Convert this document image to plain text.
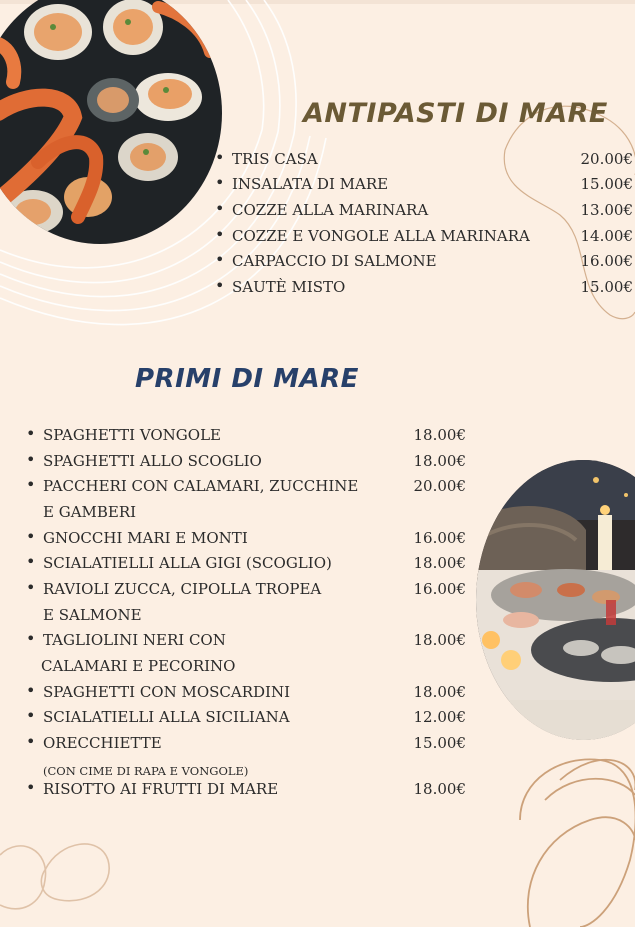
ANTIPASTI DI MARE
• TRIS CASA	20.00€
• INSALATA DI MARE	15.00€
• COZZE ALLA MARINARA	13.00€
• COZZE E VONGOLE ALLA MARINARA	14.00€
• CARPACCIO DI SALMONE	16.00€
• SAUTÈ MISTO	15.00€
PRIMI DI MARE
• SPAGHETTI VONGOLE	18.00€
• SPAGHETTI ALLO SCOGLIO	18.00€
• PACCHERI CON CALAMARI, ZUCCHINE
E GAMBERI
20.00€
• GNOCCHI MARI E MONTI	16.00€
• SCIALATIELLI ALLA GIGI (SCOGLIO)	18.00€
• RAVIOLI ZUCCA, CIPOLLA TROPEA
E SALMONE
16.00€
• TAGLIOLINI NERI CON
CALAMARI E PECORINO
18.00€
• SPAGHETTI CON MOSCARDINI	18.00€
• SCIALATIELLI ALLA SICILIANA	12.00€
• ORECCHIETTE
(CON CIME DI RAPA E VONGOLE)
15.00€
• RISOTTO AI FRUTTI DI MARE	18.00€
